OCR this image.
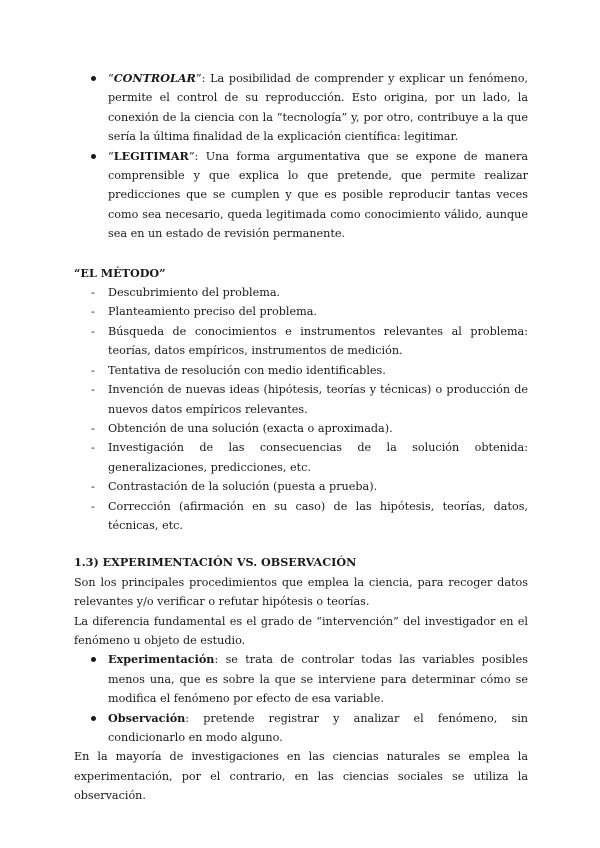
“CONTROLAR”: La posibilidad de comprender y explicar un fenómeno, permite el control de su reproducción. Esto origina, por un lado, la conexión de la ciencia con la “tecnología” y, por otro, contribuye a la que sería la última finalidad de la explicación científica: legitimar.

“LEGITIMAR”: Una forma argumentativa que se expone de manera comprensible y que explica lo que pretende, que permite realizar predicciones que se cumplen y que es posible reproducir tantas veces como sea necesario, queda legitimada como conocimiento válido, aunque sea en un estado de revisión permanente.

“EL MÉTODO”

- Descubrimiento del problema.

- Planteamiento preciso del problema.

- Búsqueda de conocimientos e instrumentos relevantes al problema: teorías, datos empíricos, instrumentos de medición.

- Tentativa de resolución con medio identificables.

- Invención de nuevas ideas (hipótesis, teorías y técnicas) o producción de nuevos datos empíricos relevantes.

- Obtención de una solución (exacta o aproximada).

- Investigación de las consecuencias de la solución obtenida: generalizaciones, predicciones, etc.

- Contrastación de la solución (puesta a prueba).

- Corrección (afirmación en su caso) de las hipótesis, teorías, datos, técnicas, etc.

1.3) EXPERIMENTACIÓN VS. OBSERVACIÓN

Son los principales procedimientos que emplea la ciencia, para recoger datos relevantes y/o verificar o refutar hipótesis o teorías.

La diferencia fundamental es el grado de “intervención” del investigador en el fenómeno u objeto de estudio.

Experimentación: se trata de controlar todas las variables posibles menos una, que es sobre la que se interviene para determinar cómo se modifica el fenómeno por efecto de esa variable.

Observación: pretende registrar y analizar el fenómeno, sin condicionarlo en modo alguno.

En la mayoría de investigaciones en las ciencias naturales se emplea la experimentación, por el contrario, en las ciencias sociales se utiliza la observación.
